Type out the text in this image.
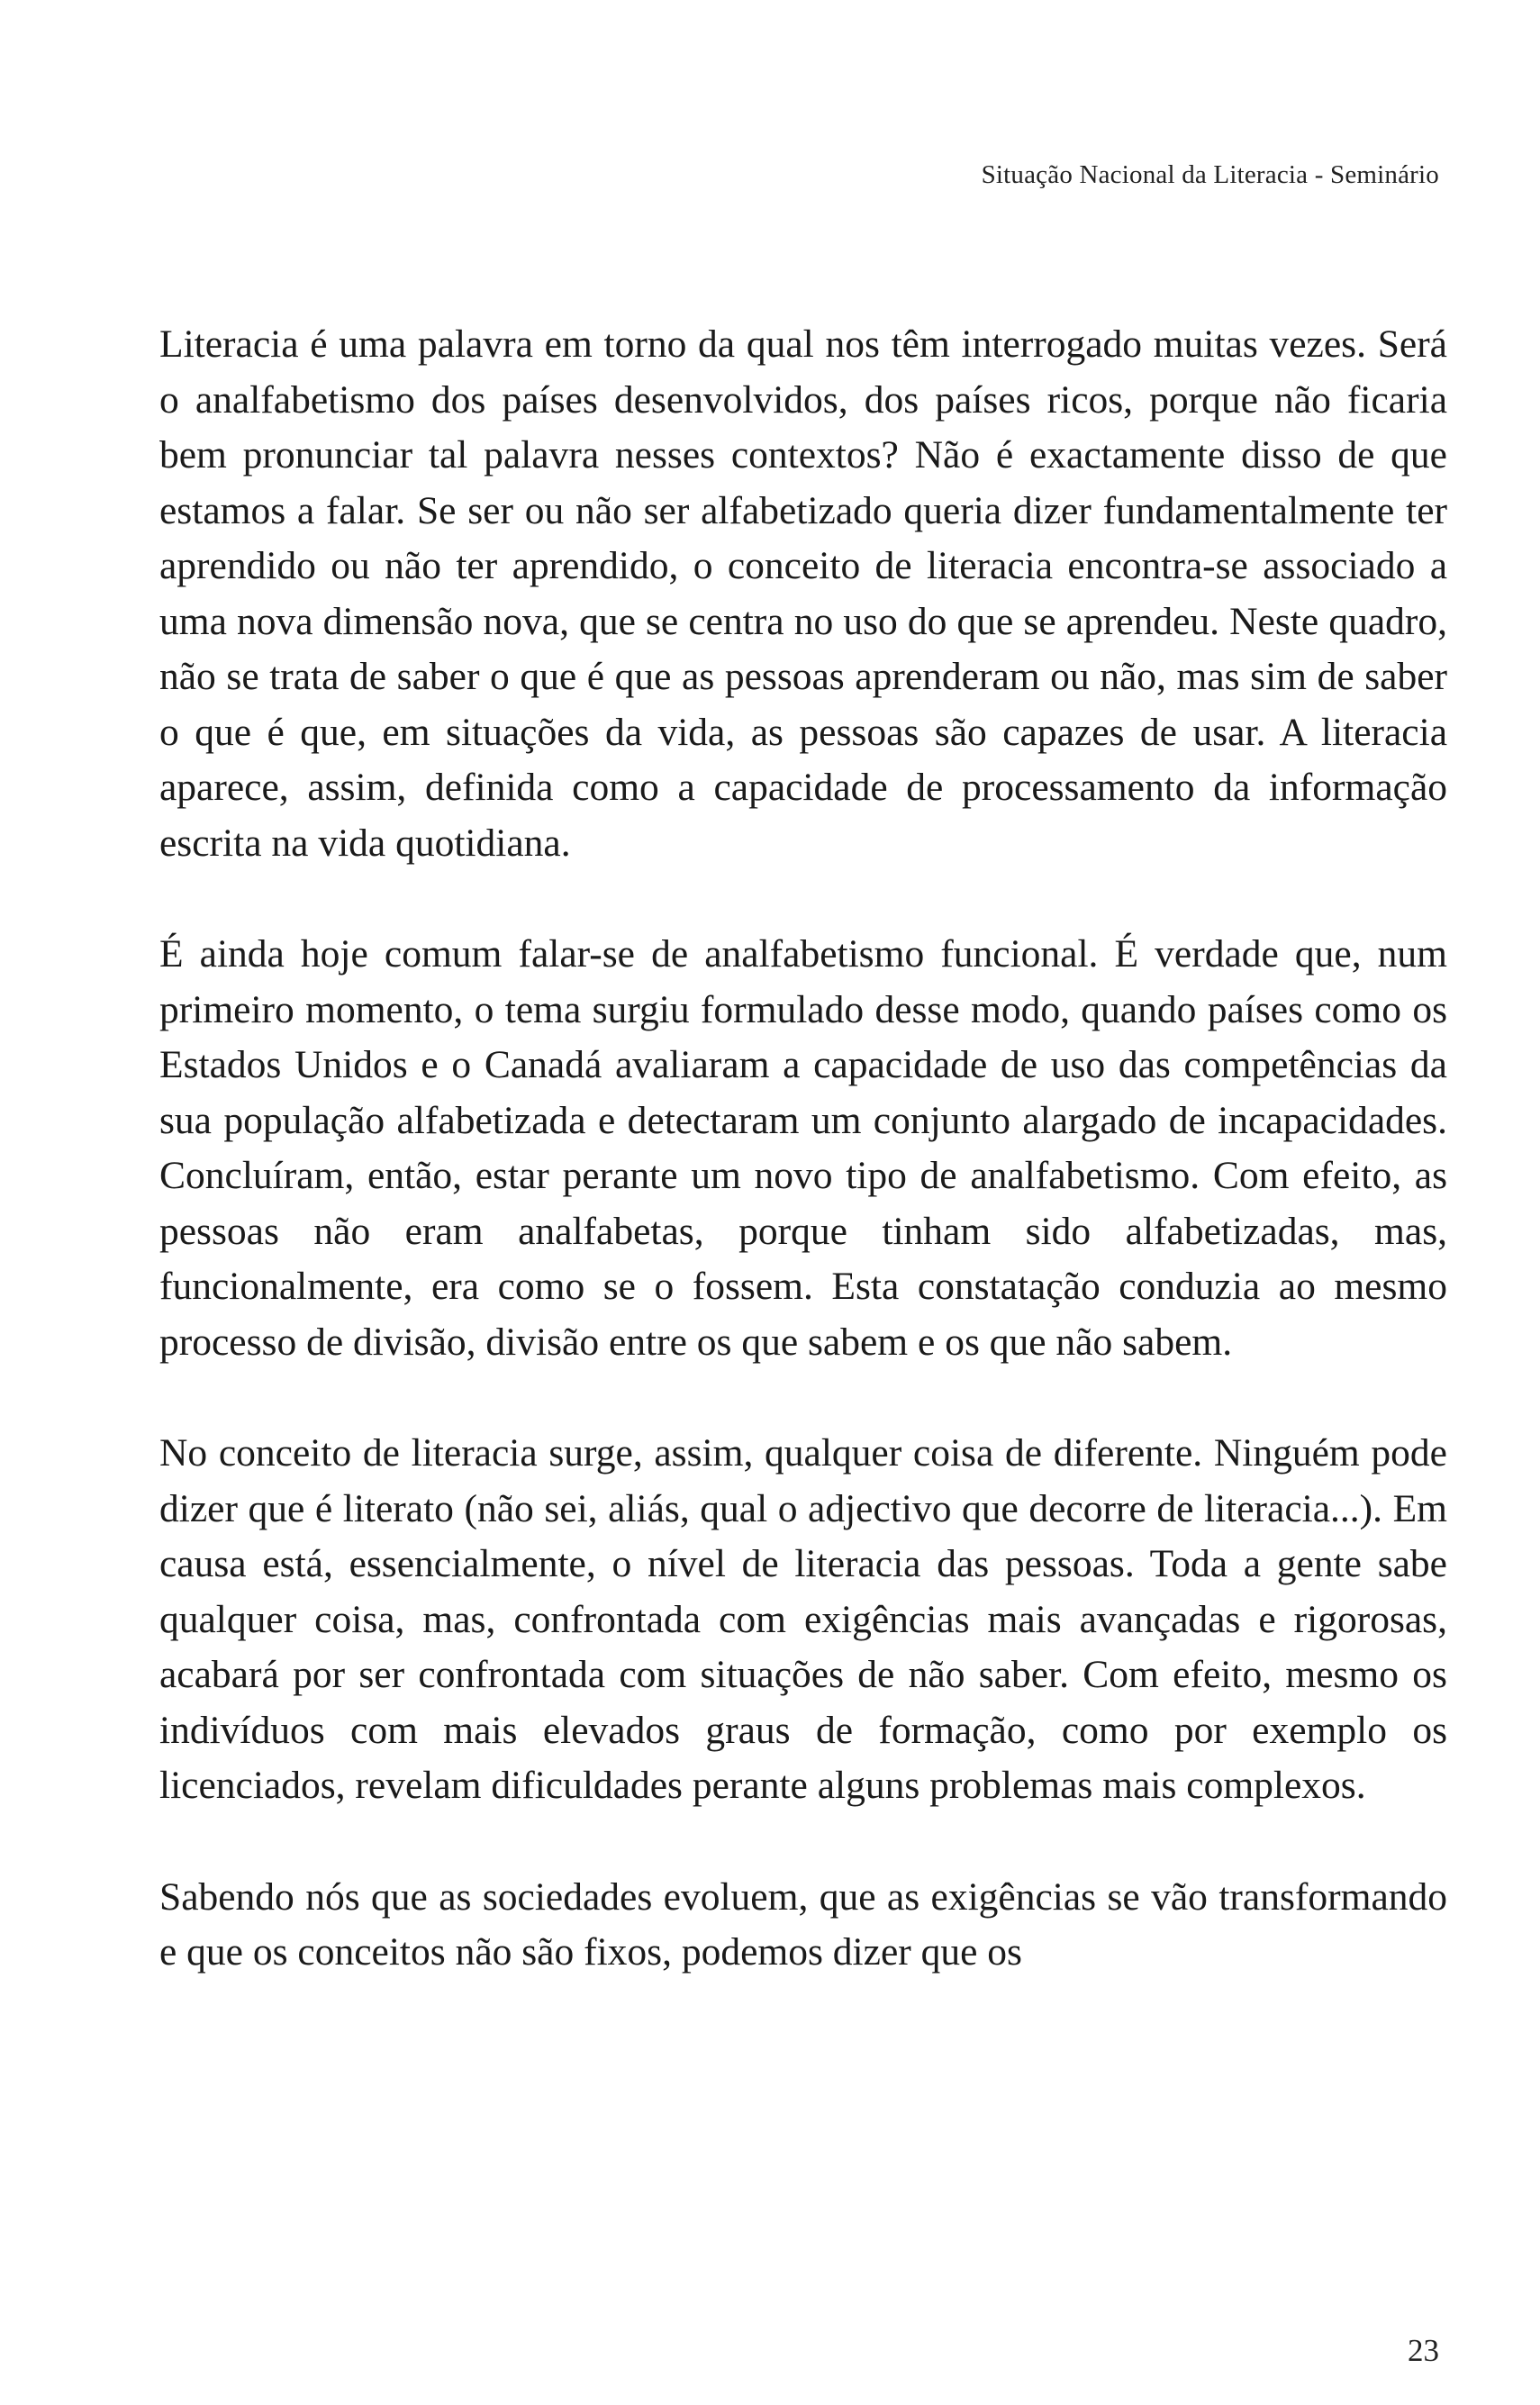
Situação Nacional da Literacia - Seminário

Literacia é uma palavra em torno da qual nos têm interrogado muitas vezes. Será o analfabetismo dos países desenvolvidos, dos países ricos, porque não ficaria bem pronunciar tal palavra nesses contextos? Não é exactamente disso de que estamos a falar. Se ser ou não ser alfabetizado queria dizer fundamentalmente ter aprendido ou não ter aprendido, o conceito de literacia encontra-se associado a uma nova dimensão nova, que se centra no uso do que se aprendeu. Neste quadro, não se trata de saber o que é que as pessoas aprenderam ou não, mas sim de saber o que é que, em situações da vida, as pessoas são capazes de usar. A literacia aparece, assim, definida como a capacidade de processamento da informação escrita na vida quotidiana.

É ainda hoje comum falar-se de analfabetismo funcional. É verdade que, num primeiro momento, o tema surgiu formulado desse modo, quando países como os Estados Unidos e o Canadá avaliaram a capacidade de uso das competências da sua população alfabetizada e detectaram um conjunto alargado de incapacidades. Concluíram, então, estar perante um novo tipo de analfabetismo. Com efeito, as pessoas não eram analfabetas, porque tinham sido alfabetizadas, mas, funcionalmente, era como se o fossem. Esta constatação conduzia ao mesmo processo de divisão, divisão entre os que sabem e os que não sabem.

No conceito de literacia surge, assim, qualquer coisa de diferente. Ninguém pode dizer que é literato (não sei, aliás, qual o adjectivo que decorre de literacia...). Em causa está, essencialmente, o nível de literacia das pessoas. Toda a gente sabe qualquer coisa, mas, confrontada com exigências mais avançadas e rigorosas, acabará por ser confrontada com situações de não saber. Com efeito, mesmo os indivíduos com mais elevados graus de formação, como por exemplo os licenciados, revelam dificuldades perante alguns problemas mais complexos.

Sabendo nós que as sociedades evoluem, que as exigências se vão transformando e que os conceitos não são fixos, podemos dizer que os

23
